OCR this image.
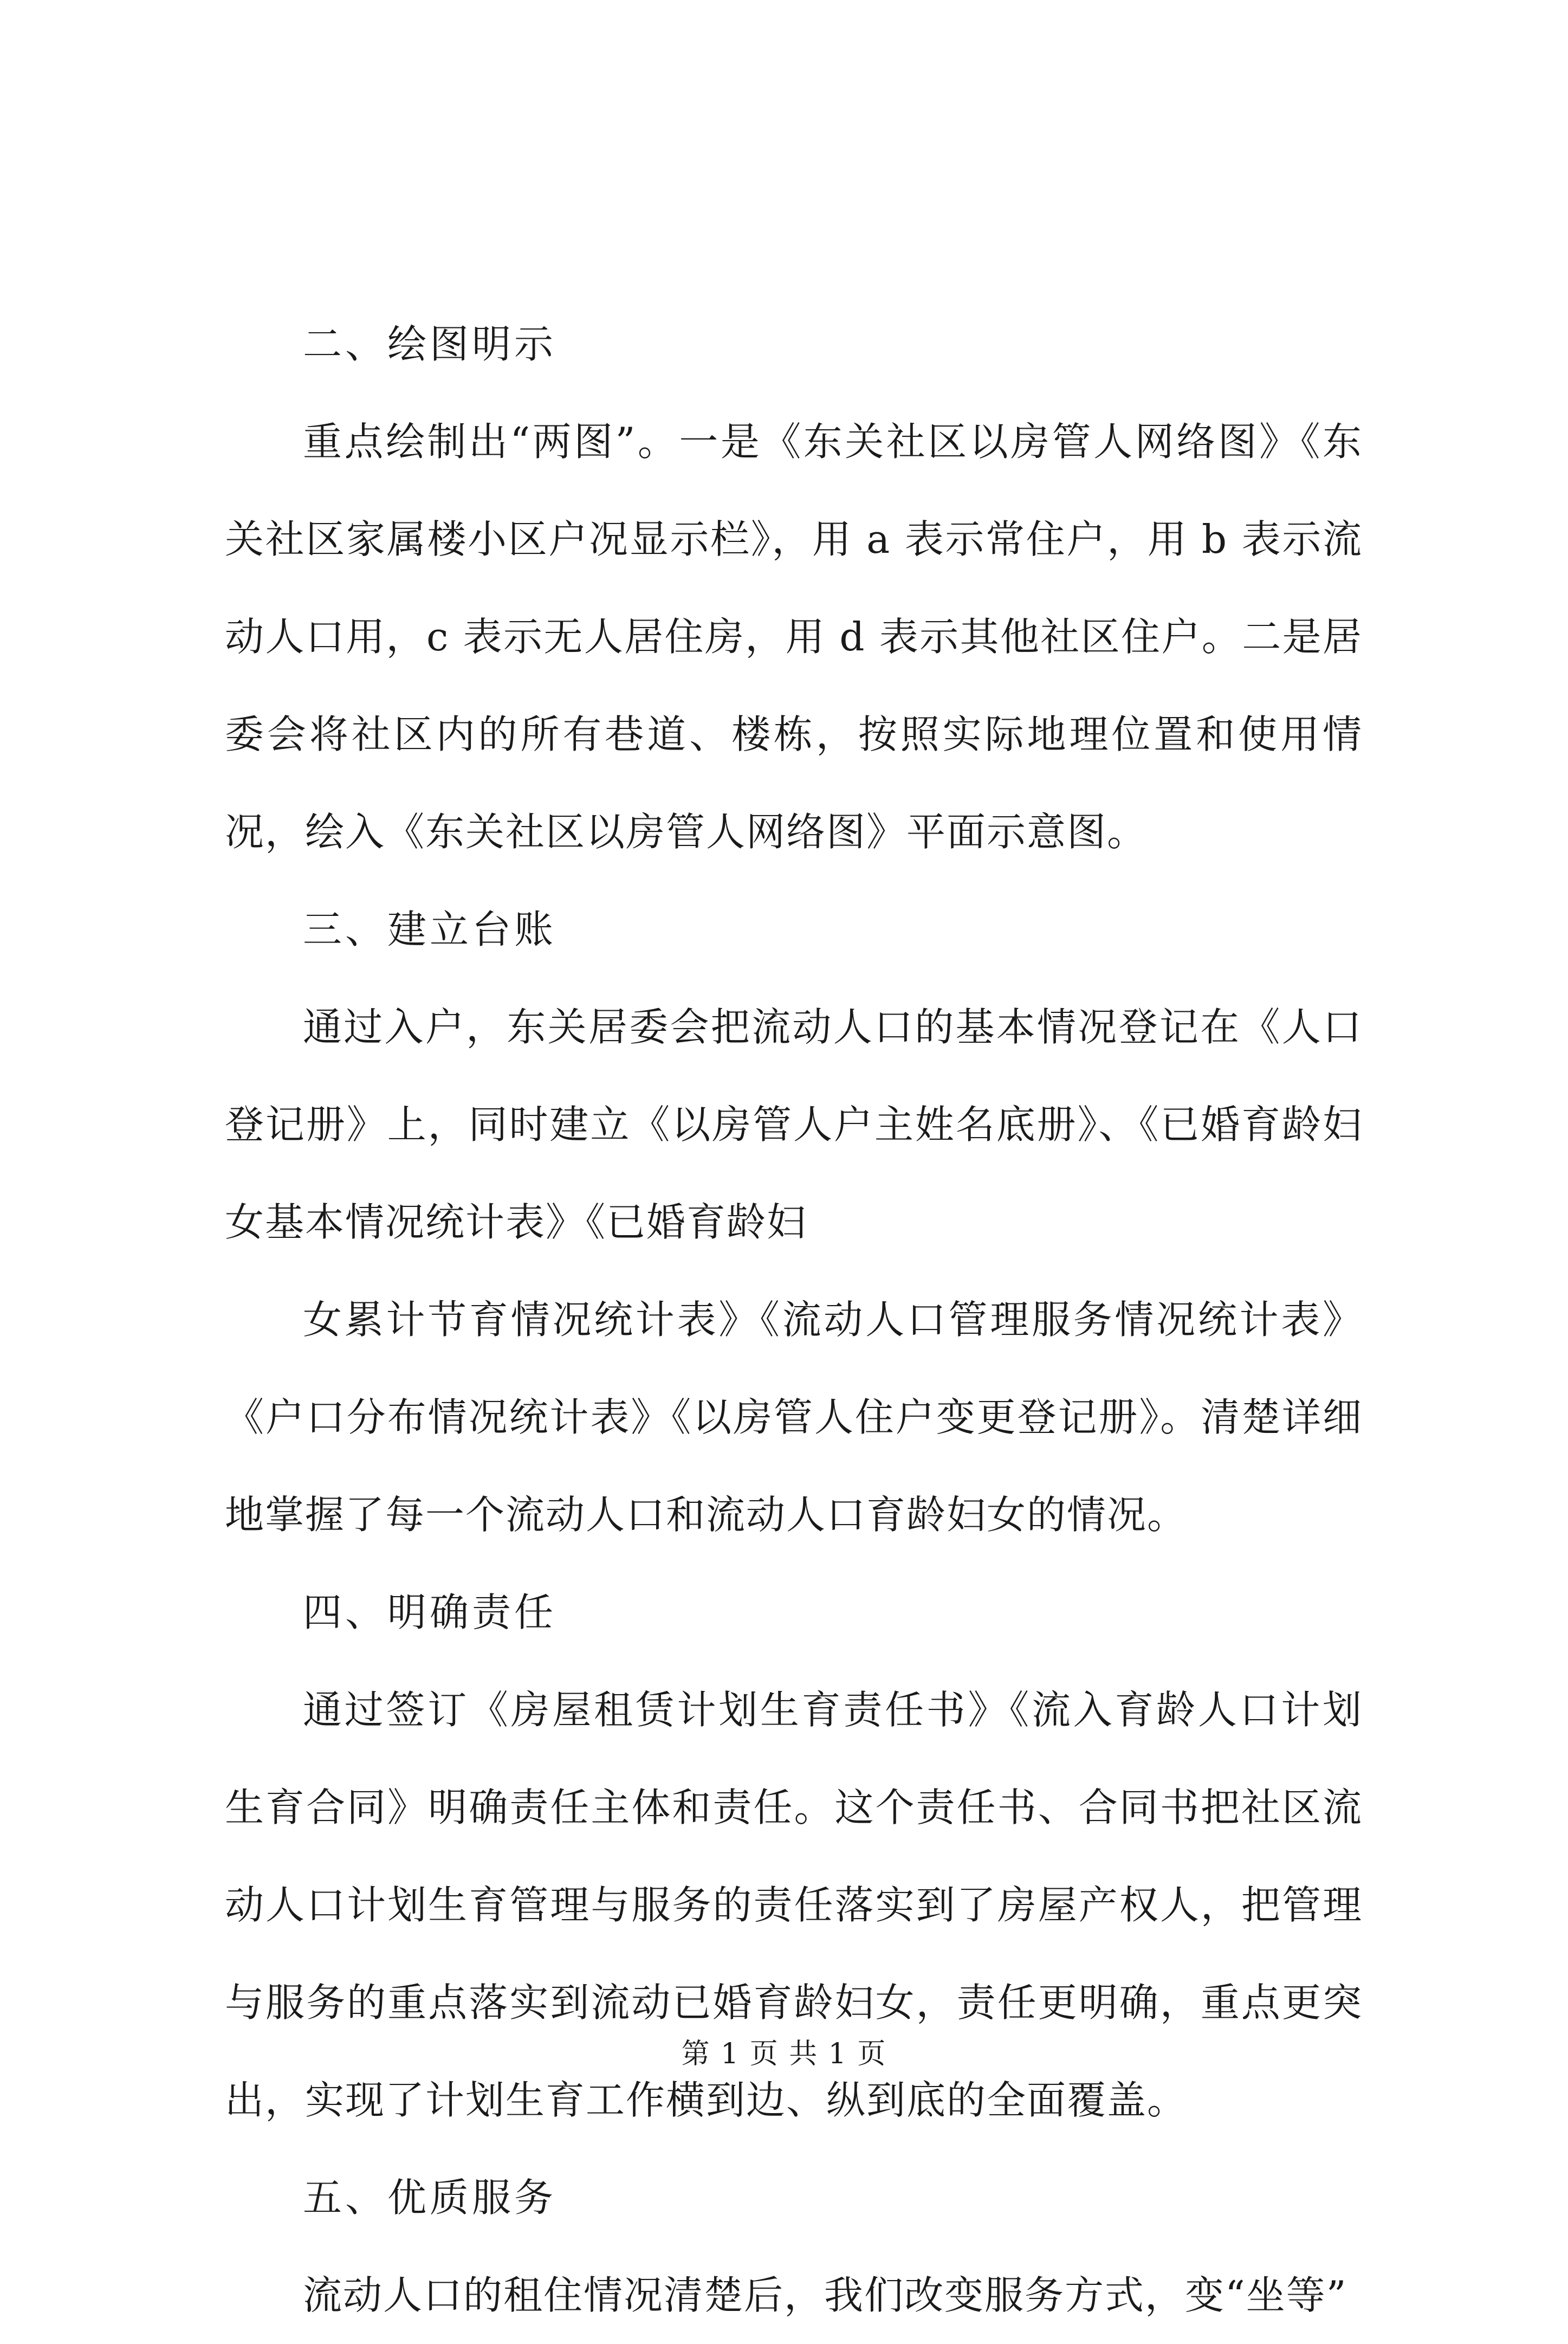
二、绘图明示

重点绘制出“两图”。一是《东关社区以房管人网络图》《东关社区家属楼小区户况显示栏》，用 a 表示常住户，用 b 表示流动人口用，c 表示无人居住房，用 d 表示其他社区住户。二是居委会将社区内的所有巷道、楼栋，按照实际地理位置和使用情况，绘入《东关社区以房管人网络图》平面示意图。

三、建立台账

通过入户，东关居委会把流动人口的基本情况登记在《人口登记册》上，同时建立《以房管人户主姓名底册》、《已婚育龄妇女基本情况统计表》《已婚育龄妇

女累计节育情况统计表》《流动人口管理服务情况统计表》《户口分布情况统计表》《以房管人住户变更登记册》。清楚详细地掌握了每一个流动人口和流动人口育龄妇女的情况。

四、明确责任

通过签订《房屋租赁计划生育责任书》《流入育龄人口计划生育合同》明确责任主体和责任。这个责任书、合同书把社区流动人口计划生育管理与服务的责任落实到了房屋产权人，把管理与服务的重点落实到流动已婚育龄妇女，责任更明确，重点更突出，实现了计划生育工作横到边、纵到底的全面覆盖。

五、优质服务

流动人口的租住情况清楚后，我们改变服务方式，变“坐等”

第 1 页 共 1 页
